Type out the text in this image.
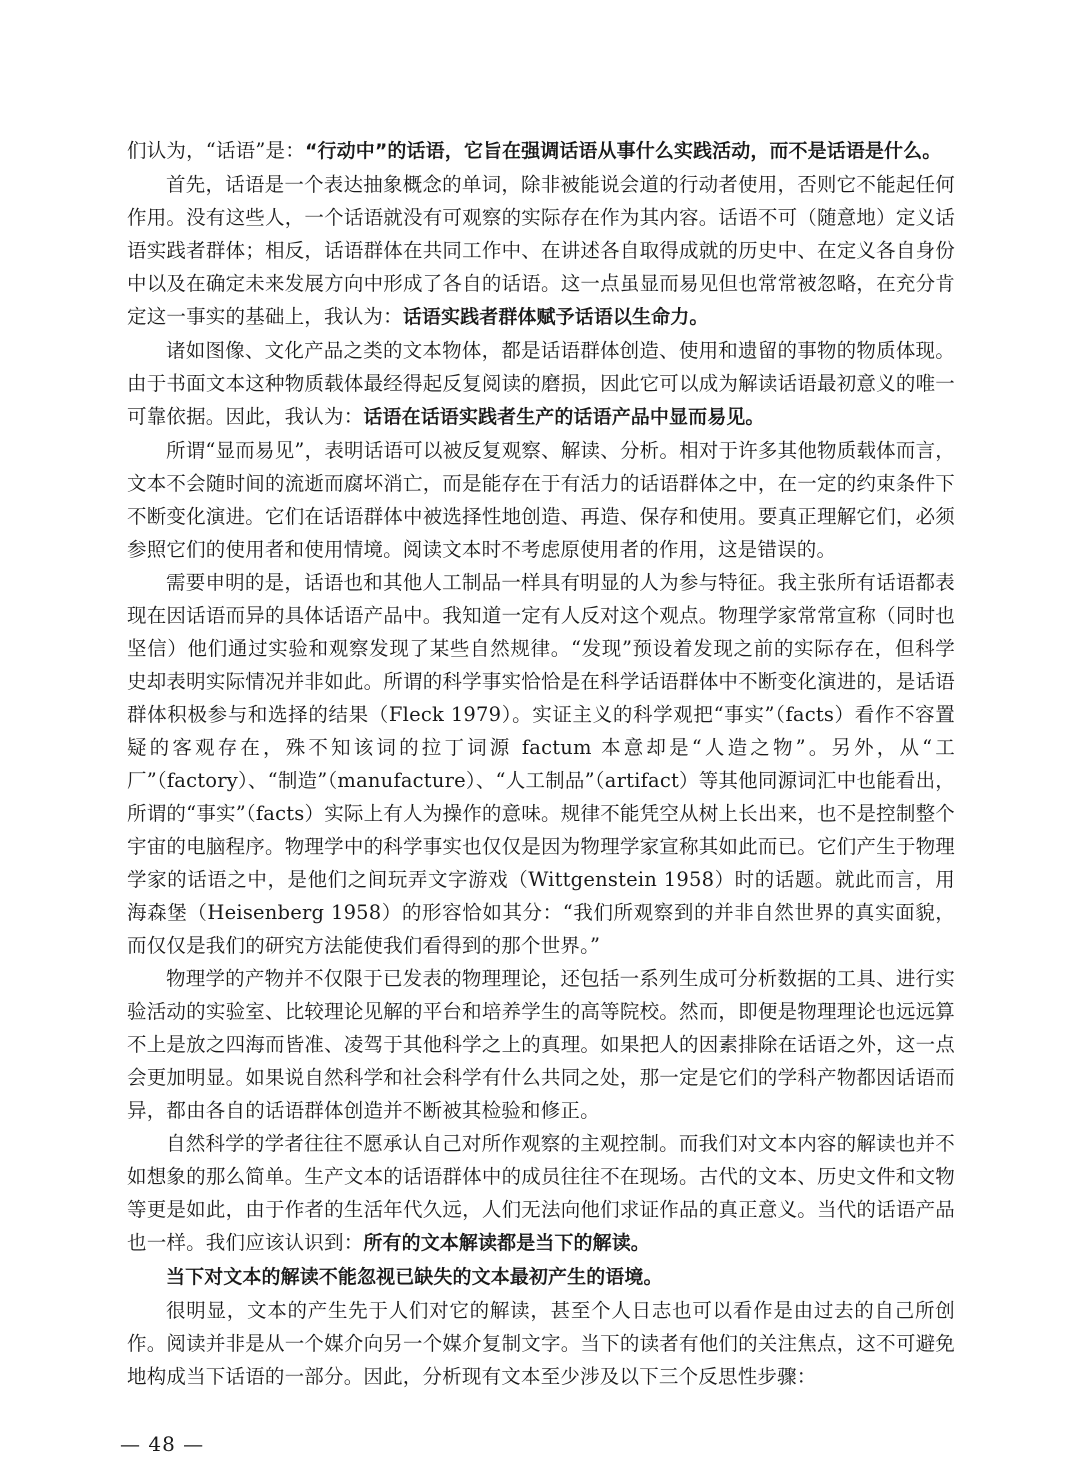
们认为，“话语”是：“行动中”的话语，它旨在强调话语从事什么实践活动，而不是话语是什么。

首先，话语是一个表达抽象概念的单词，除非被能说会道的行动者使用，否则它不能起任何作用。没有这些人，一个话语就没有可观察的实际存在作为其内容。话语不可（随意地）定义话语实践者群体；相反，话语群体在共同工作中、在讲述各自取得成就的历史中、在定义各自身份中以及在确定未来发展方向中形成了各自的话语。这一点虽显而易见但也常常被忽略，在充分肯定这一事实的基础上，我认为：话语实践者群体赋予话语以生命力。

诸如图像、文化产品之类的文本物体，都是话语群体创造、使用和遗留的事物的物质体现。由于书面文本这种物质载体最经得起反复阅读的磨损，因此它可以成为解读话语最初意义的唯一可靠依据。因此，我认为：话语在话语实践者生产的话语产品中显而易见。

所谓“显而易见”，表明话语可以被反复观察、解读、分析。相对于许多其他物质载体而言，文本不会随时间的流逝而腐坏消亡，而是能存在于有活力的话语群体之中，在一定的约束条件下不断变化演进。它们在话语群体中被选择性地创造、再造、保存和使用。要真正理解它们，必须参照它们的使用者和使用情境。阅读文本时不考虑原使用者的作用，这是错误的。

需要申明的是，话语也和其他人工制品一样具有明显的人为参与特征。我主张所有话语都表现在因话语而异的具体话语产品中。我知道一定有人反对这个观点。物理学家常常宣称（同时也坚信）他们通过实验和观察发现了某些自然规律。“发现”预设着发现之前的实际存在，但科学史却表明实际情况并非如此。所谓的科学事实恰恰是在科学话语群体中不断变化演进的，是话语群体积极参与和选择的结果（Fleck 1979）。实证主义的科学观把“事实”（facts）看作不容置疑的客观存在，殊不知该词的拉丁词源 factum 本意却是“人造之物”。另外，从“工厂”（factory）、“制造”（manufacture）、“人工制品”（artifact）等其他同源词汇中也能看出，所谓的“事实”（facts）实际上有人为操作的意味。规律不能凭空从树上长出来，也不是控制整个宇宙的电脑程序。物理学中的科学事实也仅仅是因为物理学家宣称其如此而已。它们产生于物理学家的话语之中，是他们之间玩弄文字游戏（Wittgenstein 1958）时的话题。就此而言，用海森堡（Heisenberg 1958）的形容恰如其分：“我们所观察到的并非自然世界的真实面貌，而仅仅是我们的研究方法能使我们看得到的那个世界。”

物理学的产物并不仅限于已发表的物理理论，还包括一系列生成可分析数据的工具、进行实验活动的实验室、比较理论见解的平台和培养学生的高等院校。然而，即便是物理理论也远远算不上是放之四海而皆准、凌驾于其他科学之上的真理。如果把人的因素排除在话语之外，这一点会更加明显。如果说自然科学和社会科学有什么共同之处，那一定是它们的学科产物都因话语而异，都由各自的话语群体创造并不断被其检验和修正。

自然科学的学者往往不愿承认自己对所作观察的主观控制。而我们对文本内容的解读也并不如想象的那么简单。生产文本的话语群体中的成员往往不在现场。古代的文本、历史文件和文物等更是如此，由于作者的生活年代久远，人们无法向他们求证作品的真正意义。当代的话语产品也一样。我们应该认识到：所有的文本解读都是当下的解读。

当下对文本的解读不能忽视已缺失的文本最初产生的语境。

很明显，文本的产生先于人们对它的解读，甚至个人日志也可以看作是由过去的自己所创作。阅读并非是从一个媒介向另一个媒介复制文字。当下的读者有他们的关注焦点，这不可避免地构成当下话语的一部分。因此，分析现有文本至少涉及以下三个反思性步骤：

— 48 —
